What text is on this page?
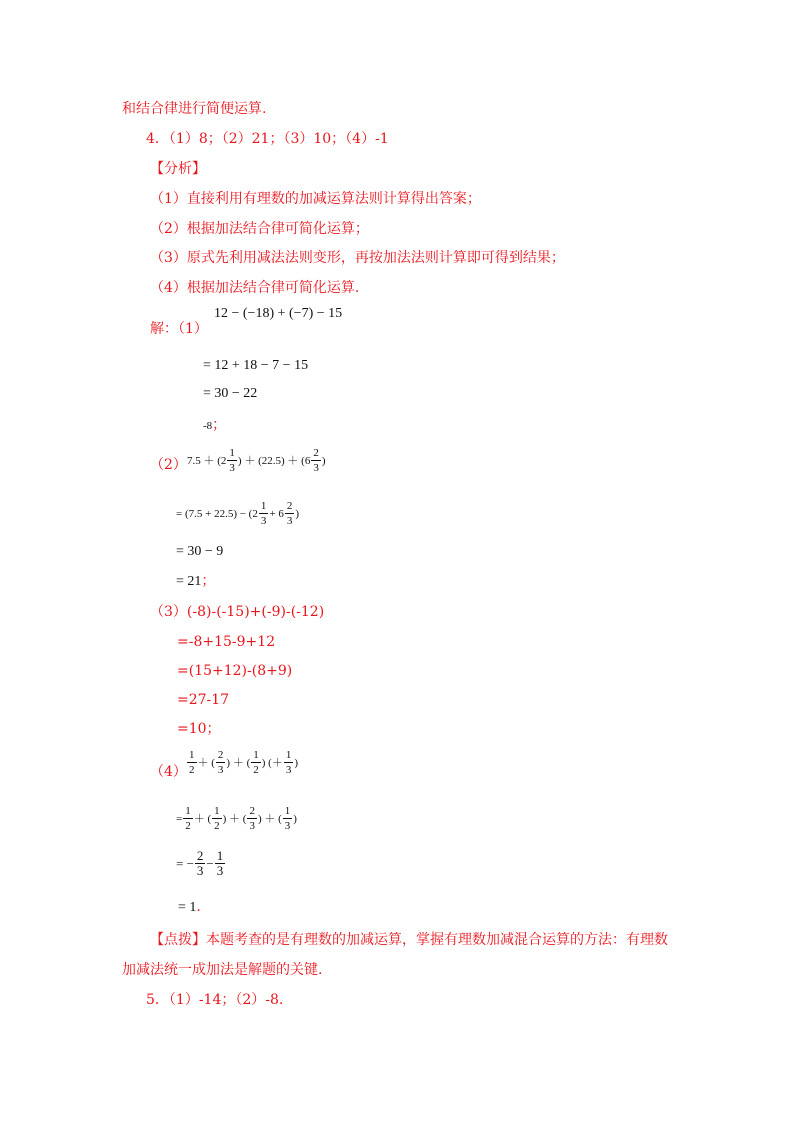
和结合律进行简便运算.
4．（1）8；（2）21；（3）10；（4）-1
【分析】
（1）直接利用有理数的加减运算法则计算得出答案；
（2）根据加法结合律可简化运算；
（3）原式先利用减法法则变形，再按加法法则计算即可得到结果；
（4）根据加法结合律可简化运算.
12 − (−18) + (−7) − 15
解：（1）
= 12 + 18 − 7 − 15
= 30 − 22
-8；
（2） 7.5 ＋ ( $2 \frac{1}{3}$ ) ＋ (22.5) ＋ ( $6 \frac{2}{3}$ )
= $(7.5 + 22.5) - (2 \frac{1}{3} + 6 \frac{2}{3}$ )
= 30 − 9
= 21；
（3）(-8)-(-15)+(-9)-(-12)
=-8+15-9+12
=(15+12)-(8+9)
=27-17
=10；
$(4) \frac{1}{2}$ ＋ ( $\frac{2}{3}$ ) ＋ ( $\frac{1}{2}$ ) (＋ $\frac{1}{3}$ )
= $\frac{1}{2}$ ＋ ( $\frac{1}{2}$ ) ＋ ( $\frac{2}{3}$ ) ＋ ( $\frac{1}{3}$ )
= − $\frac{2}{3} - \frac{1}{3}$
= 1.
【点拨】本题考查的是有理数的加减运算，掌握有理数加减混合运算的方法：有理数
加减法统一成加法是解题的关键.
5．（1）-14；（2）-8.
